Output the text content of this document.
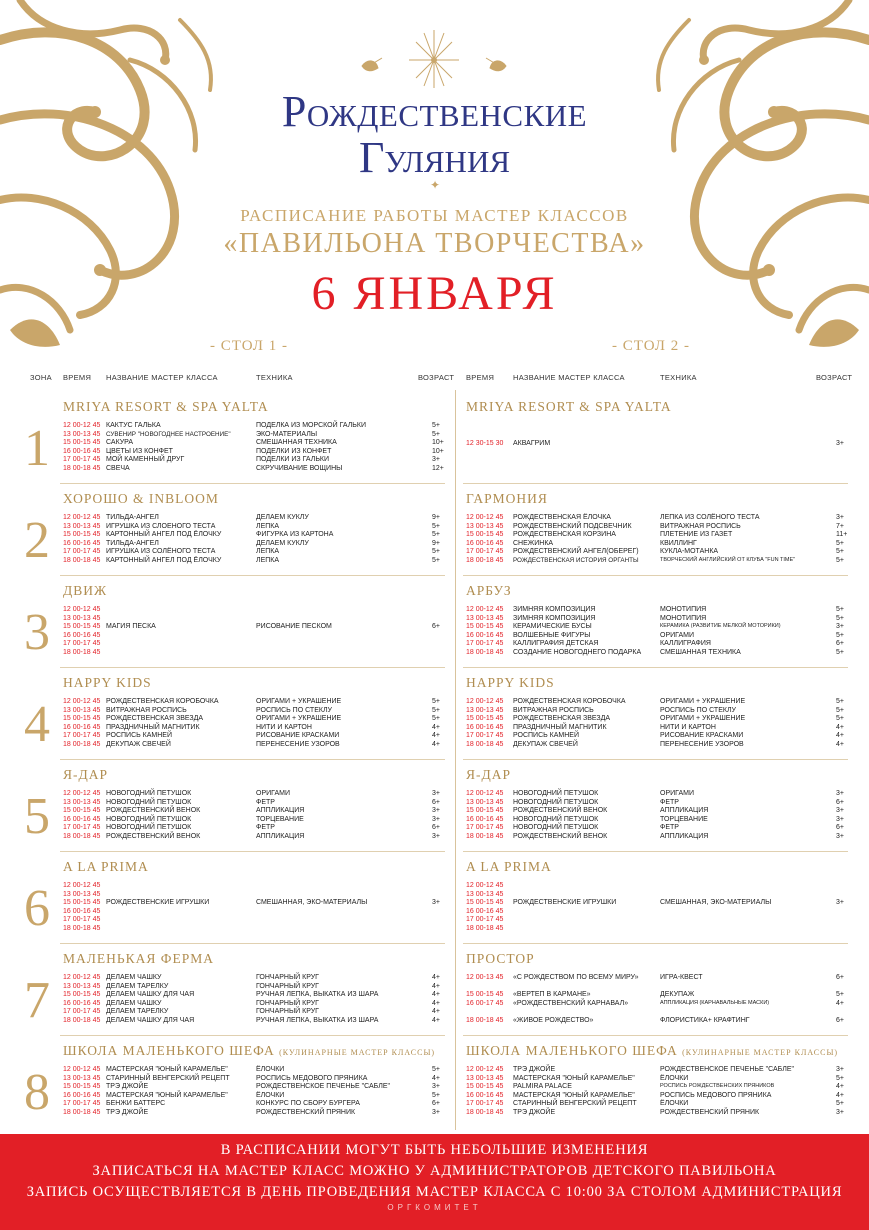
✦
Рождественские
Гуляния
РАСПИСАНИЕ РАБОТЫ МАСТЕР КЛАССОВ
«ПАВИЛЬОНА ТВОРЧЕСТВА»
6 ЯНВАРЯ
- СТОЛ 1 -	- СТОЛ 2 -
ЗОНА ВРЕМЯ НАЗВАНИЕ МАСТЕР КЛАССА	ТЕХНИКА	ВОЗРАСТ ВРЕМЯ	НАЗВАНИЕ МАСТЕР КЛАССА	ТЕХНИКА	ВОЗРАСТ
1
MRIYA RESORT & SPA YALTA
12 00-12 45 КАКТУС ГАЛЬКА	ПОДЕЛКА ИЗ МОРСКОЙ ГАЛЬКИ	5+
13 00-13 45 СУВЕНИР "НОВОГОДНЕЕ НАСТРОЕНИЕ"	ЭКО-МАТЕРИАЛЫ	5+
15 00-15 45 САКУРА	СМЕШАННАЯ ТЕХНИКА	10+
16 00-16 45 ЦВЕТЫ ИЗ КОНФЕТ	ПОДЕЛКИ ИЗ КОНФЕТ	10+
17 00-17 45 МОЙ КАМЕННЫЙ ДРУГ	ПОДЕЛКИ ИЗ ГАЛЬКИ	3+
18 00-18 45 СВЕЧА	СКРУЧИВАНИЕ ВОЩИНЫ	12+
MRIYA RESORT & SPA YALTA
12 30-15 30 АКВАГРИМ	3+
2
ХОРОШО & INBLOOM
12 00-12 45 ТИЛЬДА-АНГЕЛ	ДЕЛАЕМ КУКЛУ	9+
13 00-13 45 ИГРУШКА ИЗ СЛОЕНОГО ТЕСТА	ЛЕПКА	5+
15 00-15 45 КАРТОННЫЙ АНГЕЛ ПОД ЁЛОЧКУ	ФИГУРКА ИЗ КАРТОНА	5+
16 00-16 45 ТИЛЬДА-АНГЕЛ	ДЕЛАЕМ КУКЛУ	9+
17 00-17 45 ИГРУШКА ИЗ СОЛЁНОГО ТЕСТА	ЛЕПКА	5+
18 00-18 45 КАРТОННЫЙ АНГЕЛ ПОД ЁЛОЧКУ	ЛЕПКА	5+
ГАРМОНИЯ
12 00-12 45 РОЖДЕСТВЕНСКАЯ ЁЛОЧКА	ЛЕПКА ИЗ СОЛЁНОГО ТЕСТА	3+
13 00-13 45 РОЖДЕСТВЕНСКИЙ ПОДСВЕЧНИК	ВИТРАЖНАЯ РОСПИСЬ	7+
15 00-15 45 РОЖДЕСТВЕНСКАЯ КОРЗИНА	ПЛЕТЕНИЕ ИЗ ГАЗЕТ	11+
16 00-16 45 СНЕЖИНКА	КВИЛЛИНГ	5+
17 00-17 45 РОЖДЕСТВЕНСКИЙ АНГЕЛ(ОБЕРЕГ)	КУКЛА-МОТАНКА	5+
18 00-18 45 РОЖДЕСТВЕНСКАЯ ИСТОРИЯ ОРГАНТЫ	ТВОРЧЕСКИЙ АНГЛИЙСКИЙ ОТ КЛУБА "FUN TIME"	5+
3
ДВИЖ
12 00-12 45
13 00-13 45
15 00-15 45 МАГИЯ ПЕСКА	РИСОВАНИЕ ПЕСКОМ	6+
16 00-16 45
17 00-17 45
18 00-18 45
АРБУЗ
12 00-12 45 ЗИМНЯЯ КОМПОЗИЦИЯ	МОНОТИПИЯ	5+
13 00-13 45 ЗИМНЯЯ КОМПОЗИЦИЯ	МОНОТИПИЯ	5+
15 00-15 45 КЕРАМИЧЕСКИЕ БУСЫ	КЕРАМИКА (РАЗВИТИЕ МЕЛКОЙ МОТОРИКИ)	3+
16 00-16 45 ВОЛШЕБНЫЕ ФИГУРЫ	ОРИГАМИ	5+
17 00-17 45 КАЛЛИГРАФИЯ ДЕТСКАЯ	КАЛЛИГРАФИЯ	6+
18 00-18 45 СОЗДАНИЕ НОВОГОДНЕГО ПОДАРКА	СМЕШАННАЯ ТЕХНИКА	5+
4
HAPPY KIDS
12 00-12 45 РОЖДЕСТВЕНСКАЯ КОРОБОЧКА	ОРИГАМИ + УКРАШЕНИЕ	5+
13 00-13 45 ВИТРАЖНАЯ РОСПИСЬ	РОСПИСЬ ПО СТЕКЛУ	5+
15 00-15 45 РОЖДЕСТВЕНСКАЯ ЗВЕЗДА	ОРИГАМИ + УКРАШЕНИЕ	5+
16 00-16 45 ПРАЗДНИЧНЫЙ МАГНИТИК	НИТИ И КАРТОН	4+
17 00-17 45 РОСПИСЬ КАМНЕЙ	РИСОВАНИЕ КРАСКАМИ	4+
18 00-18 45 ДЕКУПАЖ СВЕЧЕЙ	ПЕРЕНЕСЕНИЕ УЗОРОВ	4+
HAPPY KIDS
12 00-12 45 РОЖДЕСТВЕНСКАЯ КОРОБОЧКА	ОРИГАМИ + УКРАШЕНИЕ	5+
13 00-13 45 ВИТРАЖНАЯ РОСПИСЬ	РОСПИСЬ ПО СТЕКЛУ	5+
15 00-15 45 РОЖДЕСТВЕНСКАЯ ЗВЕЗДА	ОРИГАМИ + УКРАШЕНИЕ	5+
16 00-16 45 ПРАЗДНИЧНЫЙ МАГНИТИК	НИТИ И КАРТОН	4+
17 00-17 45 РОСПИСЬ КАМНЕЙ	РИСОВАНИЕ КРАСКАМИ	4+
18 00-18 45 ДЕКУПАЖ СВЕЧЕЙ	ПЕРЕНЕСЕНИЕ УЗОРОВ	4+
5
Я-ДАР
12 00-12 45 НОВОГОДНИЙ ПЕТУШОК	ОРИГАМИ	3+
13 00-13 45 НОВОГОДНИЙ ПЕТУШОК	ФЕТР	6+
15 00-15 45 РОЖДЕСТВЕНСКИЙ ВЕНОК	АППЛИКАЦИЯ	3+
16 00-16 45 НОВОГОДНИЙ ПЕТУШОК	ТОРЦЕВАНИЕ	3+
17 00-17 45 НОВОГОДНИЙ ПЕТУШОК	ФЕТР	6+
18 00-18 45 РОЖДЕСТВЕНСКИЙ ВЕНОК	АППЛИКАЦИЯ	3+
Я-ДАР
12 00-12 45 НОВОГОДНИЙ ПЕТУШОК	ОРИГАМИ	3+
13 00-13 45 НОВОГОДНИЙ ПЕТУШОК	ФЕТР	6+
15 00-15 45 РОЖДЕСТВЕНСКИЙ ВЕНОК	АППЛИКАЦИЯ	3+
16 00-16 45 НОВОГОДНИЙ ПЕТУШОК	ТОРЦЕВАНИЕ	3+
17 00-17 45 НОВОГОДНИЙ ПЕТУШОК	ФЕТР	6+
18 00-18 45 РОЖДЕСТВЕНСКИЙ ВЕНОК	АППЛИКАЦИЯ	3+
6
A LA PRIMA
12 00-12 45
13 00-13 45
15 00-15 45 РОЖДЕСТВЕНСКИЕ ИГРУШКИ	СМЕШАННАЯ, ЭКО-МАТЕРИАЛЫ	3+
16 00-16 45
17 00-17 45
18 00-18 45
A LA PRIMA
12 00-12 45
13 00-13 45
15 00-15 45 РОЖДЕСТВЕНСКИЕ ИГРУШКИ	СМЕШАННАЯ, ЭКО-МАТЕРИАЛЫ	3+
16 00-16 45
17 00-17 45
18 00-18 45
7
МАЛЕНЬКАЯ ФЕРМА
12 00-12 45 ДЕЛАЕМ ЧАШКУ	ГОНЧАРНЫЙ КРУГ	4+
13 00-13 45 ДЕЛАЕМ ТАРЕЛКУ	ГОНЧАРНЫЙ КРУГ	4+
15 00-15 45 ДЕЛАЕМ ЧАШКУ ДЛЯ ЧАЯ	РУЧНАЯ ЛЕПКА, ВЫКАТКА ИЗ ШАРА	4+
16 00-16 45 ДЕЛАЕМ ЧАШКУ	ГОНЧАРНЫЙ КРУГ	4+
17 00-17 45 ДЕЛАЕМ ТАРЕЛКУ	ГОНЧАРНЫЙ КРУГ	4+
18 00-18 45 ДЕЛАЕМ ЧАШКУ ДЛЯ ЧАЯ	РУЧНАЯ ЛЕПКА, ВЫКАТКА ИЗ ШАРА	4+
ПРОСТОР
12 00-13 45 «С РОЖДЕСТВОМ ПО ВСЕМУ МИРУ»	ИГРА-КВЕСТ	6+
15 00-15 45 «ВЕРТЕП В КАРМАНЕ»	ДЕКУПАЖ	5+
16 00-17 45 «РОЖДЕСТВЕНСКИЙ КАРНАВАЛ»	АППЛИКАЦИЯ (КАРНАВАЛЬНЫЕ МАСКИ)	4+
18 00-18 45 «ЖИВОЕ РОЖДЕСТВО»	ФЛОРИСТИКА+ КРАФТИНГ	6+
8
ШКОЛА МАЛЕНЬКОГО ШЕФА (КУЛИНАРНЫЕ МАСТЕР КЛАССЫ)
12 00-12 45 МАСТЕРСКАЯ "ЮНЫЙ КАРАМЕЛЬЕ"	ЁЛОЧКИ	5+
13 00-13 45 СТАРИННЫЙ ВЕНГЕРСКИЙ РЕЦЕПТ	РОСПИСЬ МЕДОВОГО ПРЯНИКА	4+
15 00-15 45 ТРЭ ДЖОЙЕ	РОЖДЕСТВЕНСКОЕ ПЕЧЕНЬЕ "САБЛЕ"	3+
16 00-16 45 МАСТЕРСКАЯ "ЮНЫЙ КАРАМЕЛЬЕ"	ЁЛОЧКИ	5+
17 00-17 45 БЕНЖИ БАТТЕРС	КОНКУРС ПО СБОРУ БУРГЕРА	6+
18 00-18 45 ТРЭ ДЖОЙЕ	РОЖДЕСТВЕНСКИЙ ПРЯНИК	3+
ШКОЛА МАЛЕНЬКОГО ШЕФА (КУЛИНАРНЫЕ МАСТЕР КЛАССЫ)
12 00-12 45 ТРЭ ДЖОЙЕ	РОЖДЕСТВЕНСКОЕ ПЕЧЕНЬЕ "САБЛЕ"	3+
13 00-13 45 МАСТЕРСКАЯ "ЮНЫЙ КАРАМЕЛЬЕ"	ЁЛОЧКИ	5+
15 00-15 45 PALMIRA PALACE	РОСПИСЬ РОЖДЕСТВЕНСКИХ ПРЯНИКОВ	4+
16 00-16 45 МАСТЕРСКАЯ "ЮНЫЙ КАРАМЕЛЬЕ"	РОСПИСЬ МЕДОВОГО ПРЯНИКА	4+
17 00-17 45 СТАРИННЫЙ ВЕНГЕРСКИЙ РЕЦЕПТ	ЁЛОЧКИ	5+
18 00-18 45 ТРЭ ДЖОЙЕ	РОЖДЕСТВЕНСКИЙ ПРЯНИК	3+
В РАСПИСАНИИ МОГУТ БЫТЬ НЕБОЛЬШИЕ ИЗМЕНЕНИЯ
ЗАПИСАТЬСЯ НА МАСТЕР КЛАСС МОЖНО У АДМИНИСТРАТОРОВ ДЕТСКОГО ПАВИЛЬОНА
ЗАПИСЬ ОСУЩЕСТВЛЯЕТСЯ В ДЕНЬ ПРОВЕДЕНИЯ МАСТЕР КЛАССА С 10:00 ЗА СТОЛОМ АДМИНИСТРАЦИЯ
ОРГКОМИТЕТ
